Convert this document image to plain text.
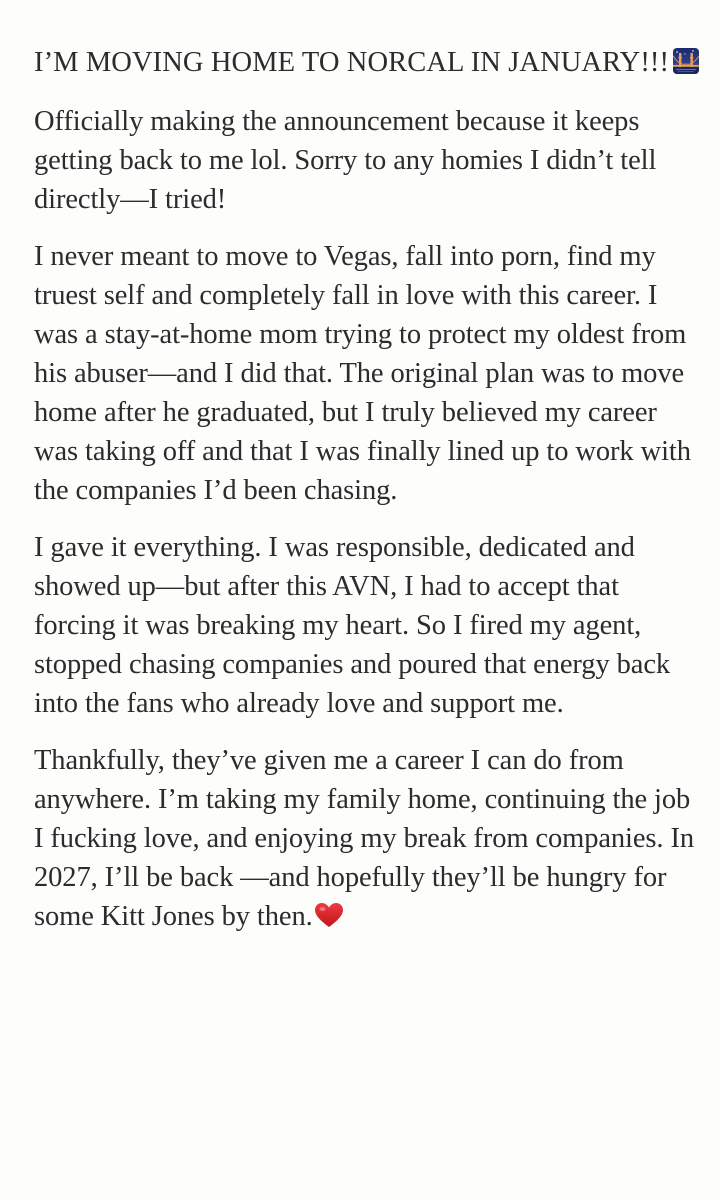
I’M MOVING HOME TO NORCAL IN JANUARY!!!

Officially making the announcement because it keeps getting back to me lol. Sorry to any homies I didn’t tell directly—I tried!

I never meant to move to Vegas, fall into porn, find my truest self and completely fall in love with this career. I was a stay-at-home mom trying to protect my oldest from his abuser—and I did that. The original plan was to move home after he graduated, but I truly believed my career was taking off and that I was finally lined up to work with the companies I’d been chasing.

I gave it everything. I was responsible, dedicated and showed up—but after this AVN, I had to accept that forcing it was breaking my heart. So I fired my agent, stopped chasing companies and poured that energy back into the fans who already love and support me.

Thankfully, they’ve given me a career I can do from anywhere. I’m taking my family home, continuing the job I fucking love, and enjoying my break from companies. In 2027, I’ll be back —and hopefully they’ll be hungry for some Kitt Jones by then.
